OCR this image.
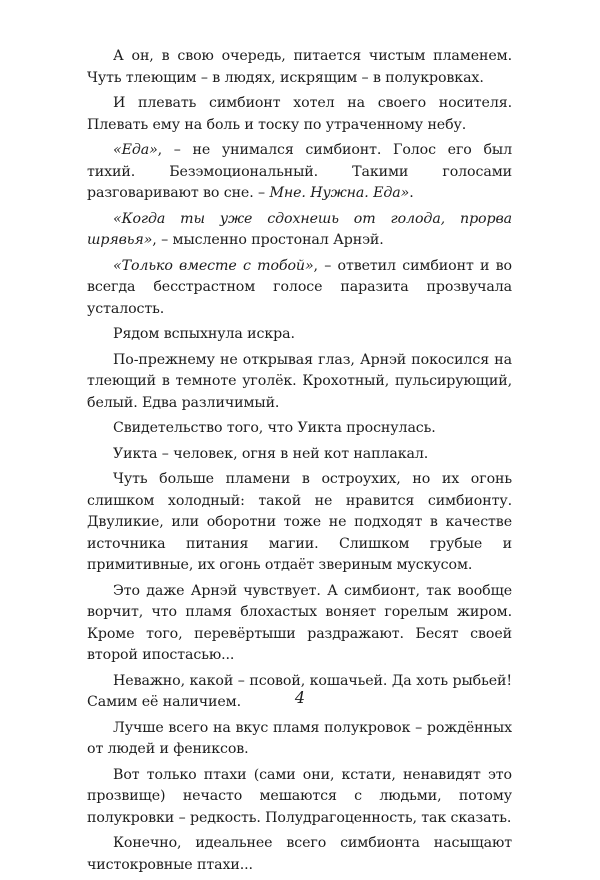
А он, в свою очередь, питается чистым пламенем. Чуть тлеющим – в людях, искрящим – в полукровках.

И плевать симбионт хотел на своего носителя. Плевать ему на боль и тоску по утраченному небу.

«Еда», – не унимался симбионт. Голос его был тихий. Безэмоциональный. Такими голосами разговаривают во сне. – Мне. Нужна. Еда».

«Когда ты уже сдохнешь от голода, прорва шрявья», – мысленно простонал Арнэй.

«Только вместе с тобой», – ответил симбионт и во всегда бесстрастном голосе паразита прозвучала усталость.

Рядом вспыхнула искра.

По-прежнему не открывая глаз, Арнэй покосился на тлеющий в темноте уголёк. Крохотный, пульсирующий, белый. Едва различимый.

Свидетельство того, что Уикта проснулась.

Уикта – человек, огня в ней кот наплакал.

Чуть больше пламени в остроухих, но их огонь слишком холодный: такой не нравится симбионту. Двуликие, или оборотни тоже не подходят в качестве источника питания магии. Слишком грубые и примитивные, их огонь отдаёт звериным мускусом.

Это даже Арнэй чувствует. А симбионт, так вообще ворчит, что пламя блохастых воняет горелым жиром. Кроме того, перевёртыши раздражают. Бесят своей второй ипостасью...

Неважно, какой – псовой, кошачьей. Да хоть рыбьей! Самим её наличием.

Лучше всего на вкус пламя полукровок – рождённых от людей и фениксов.

Вот только птахи (сами они, кстати, ненавидят это прозвище) нечасто мешаются с людьми, потому полукровки – редкость. Полудрагоценность, так сказать.

Конечно, идеальнее всего симбионта насыщают чистокровные птахи...

4
